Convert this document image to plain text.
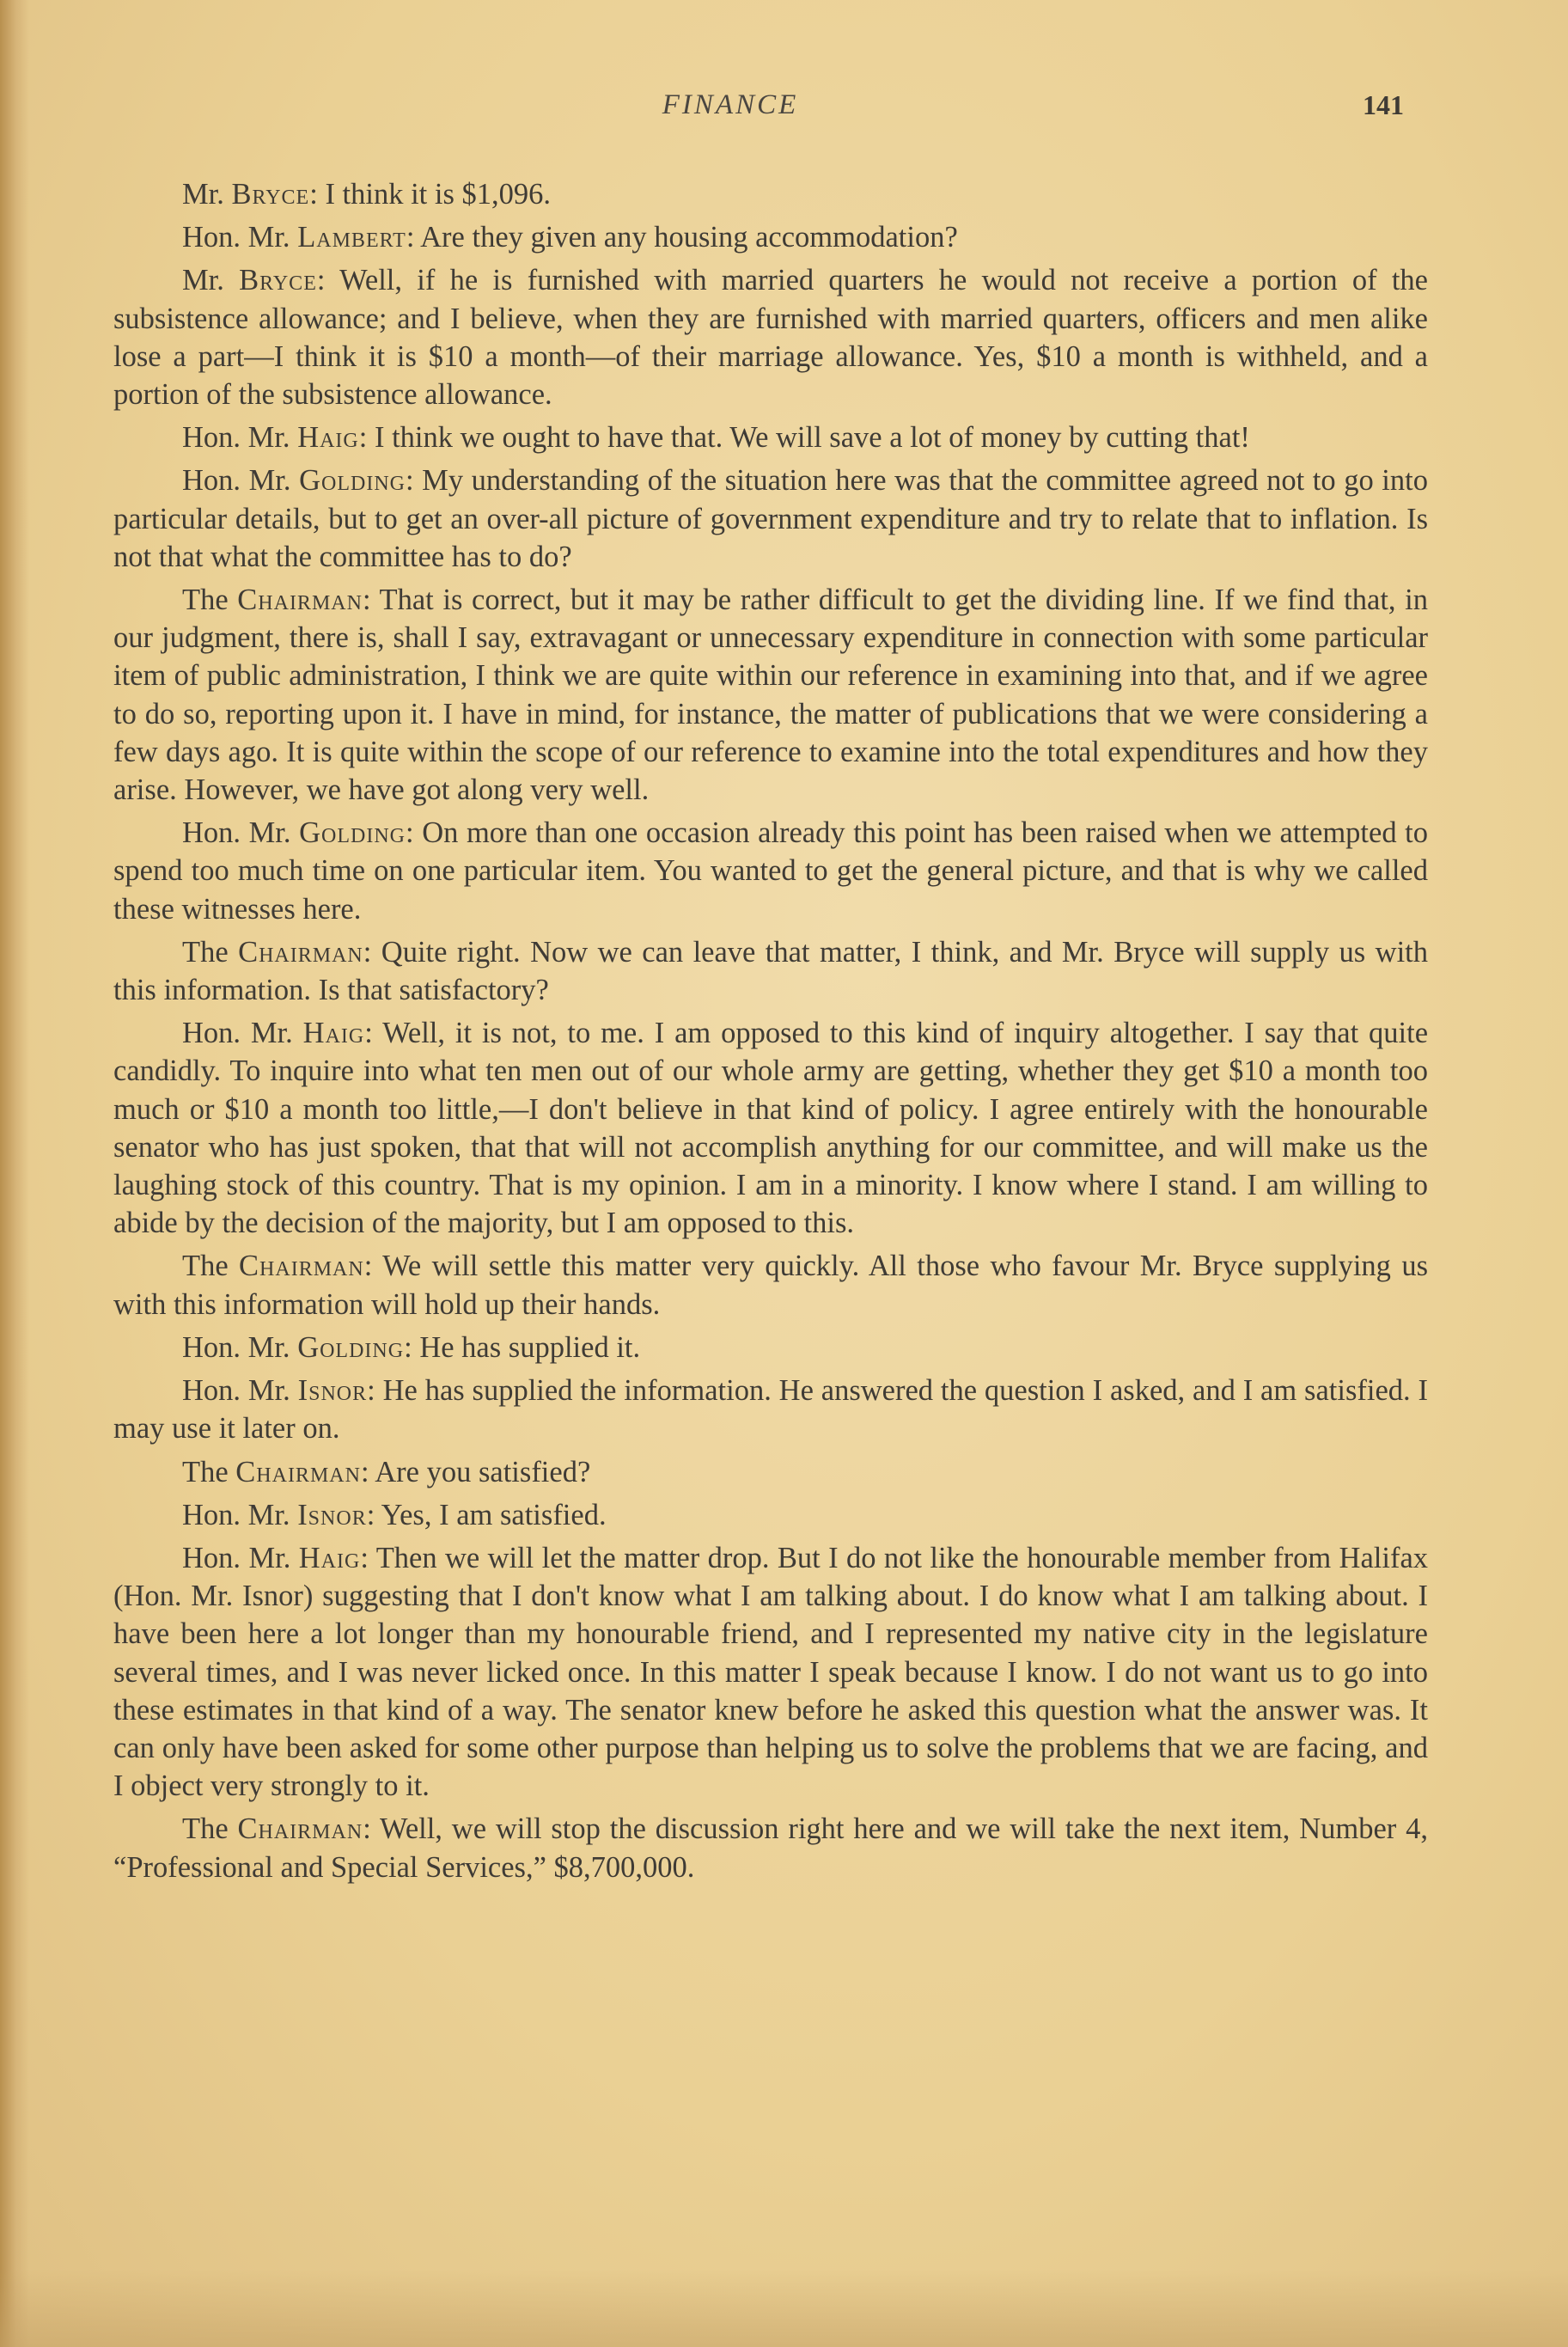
FINANCE	141

Mr. Bryce: I think it is $1,096.

Hon. Mr. Lambert: Are they given any housing accommodation?

Mr. Bryce: Well, if he is furnished with married quarters he would not receive a portion of the subsistence allowance; and I believe, when they are furnished with married quarters, officers and men alike lose a part—I think it is $10 a month—of their marriage allowance. Yes, $10 a month is withheld, and a portion of the subsistence allowance.

Hon. Mr. Haig: I think we ought to have that. We will save a lot of money by cutting that!

Hon. Mr. Golding: My understanding of the situation here was that the committee agreed not to go into particular details, but to get an over-all picture of government expenditure and try to relate that to inflation. Is not that what the committee has to do?

The Chairman: That is correct, but it may be rather difficult to get the dividing line. If we find that, in our judgment, there is, shall I say, extravagant or unnecessary expenditure in connection with some particular item of public administration, I think we are quite within our reference in examining into that, and if we agree to do so, reporting upon it. I have in mind, for instance, the matter of publications that we were considering a few days ago. It is quite within the scope of our reference to examine into the total expenditures and how they arise. However, we have got along very well.

Hon. Mr. Golding: On more than one occasion already this point has been raised when we attempted to spend too much time on one particular item. You wanted to get the general picture, and that is why we called these witnesses here.

The Chairman: Quite right. Now we can leave that matter, I think, and Mr. Bryce will supply us with this information. Is that satisfactory?

Hon. Mr. Haig: Well, it is not, to me. I am opposed to this kind of inquiry altogether. I say that quite candidly. To inquire into what ten men out of our whole army are getting, whether they get $10 a month too much or $10 a month too little,—I don't believe in that kind of policy. I agree entirely with the honourable senator who has just spoken, that that will not accomplish anything for our committee, and will make us the laughing stock of this country. That is my opinion. I am in a minority. I know where I stand. I am willing to abide by the decision of the majority, but I am opposed to this.

The Chairman: We will settle this matter very quickly. All those who favour Mr. Bryce supplying us with this information will hold up their hands.

Hon. Mr. Golding: He has supplied it.

Hon. Mr. Isnor: He has supplied the information. He answered the question I asked, and I am satisfied. I may use it later on.

The Chairman: Are you satisfied?

Hon. Mr. Isnor: Yes, I am satisfied.

Hon. Mr. Haig: Then we will let the matter drop. But I do not like the honourable member from Halifax (Hon. Mr. Isnor) suggesting that I don't know what I am talking about. I do know what I am talking about. I have been here a lot longer than my honourable friend, and I represented my native city in the legislature several times, and I was never licked once. In this matter I speak because I know. I do not want us to go into these estimates in that kind of a way. The senator knew before he asked this question what the answer was. It can only have been asked for some other purpose than helping us to solve the problems that we are facing, and I object very strongly to it.

The Chairman: Well, we will stop the discussion right here and we will take the next item, Number 4, “Professional and Special Services,” $8,700,000.
